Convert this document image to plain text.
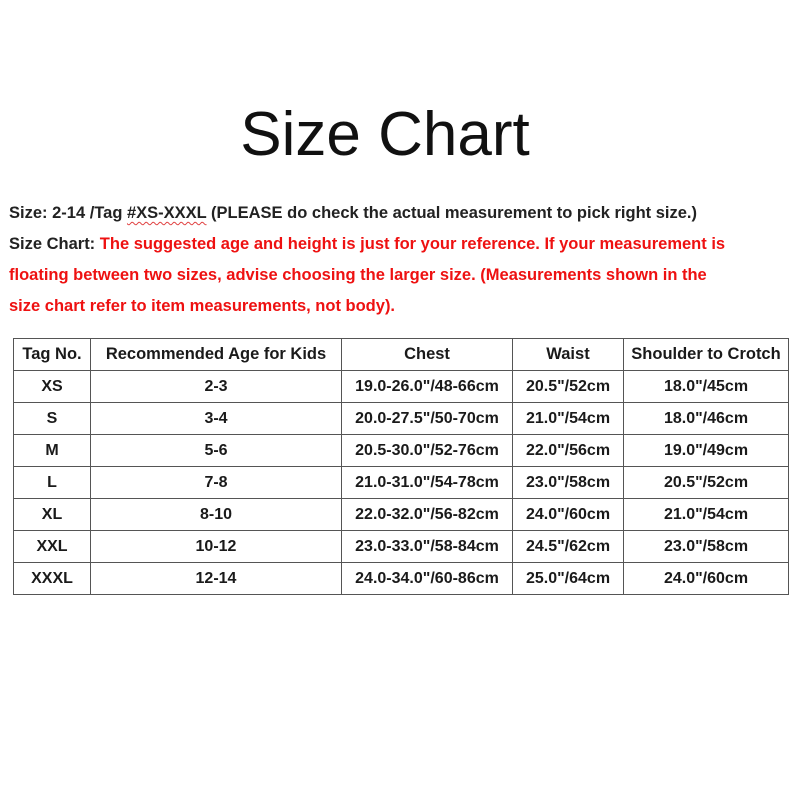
Size Chart
Size: 2-14 /Tag #XS-XXXL (PLEASE do check the actual measurement to pick right size.)
Size Chart: The suggested age and height is just for your reference. If your measurement is
floating between two sizes, advise choosing the larger size. (Measurements shown in the
size chart refer to item measurements, not body).
Tag No.	Recommended Age for Kids	Chest	Waist	Shoulder to Crotch
XS	2-3	19.0-26.0"/48-66cm	20.5"/52cm	18.0"/45cm
S	3-4	20.0-27.5"/50-70cm	21.0"/54cm	18.0"/46cm
M	5-6	20.5-30.0"/52-76cm	22.0"/56cm	19.0"/49cm
L	7-8	21.0-31.0"/54-78cm	23.0"/58cm	20.5"/52cm
XL	8-10	22.0-32.0"/56-82cm	24.0"/60cm	21.0"/54cm
XXL	10-12	23.0-33.0"/58-84cm	24.5"/62cm	23.0"/58cm
XXXL	12-14	24.0-34.0"/60-86cm	25.0"/64cm	24.0"/60cm
